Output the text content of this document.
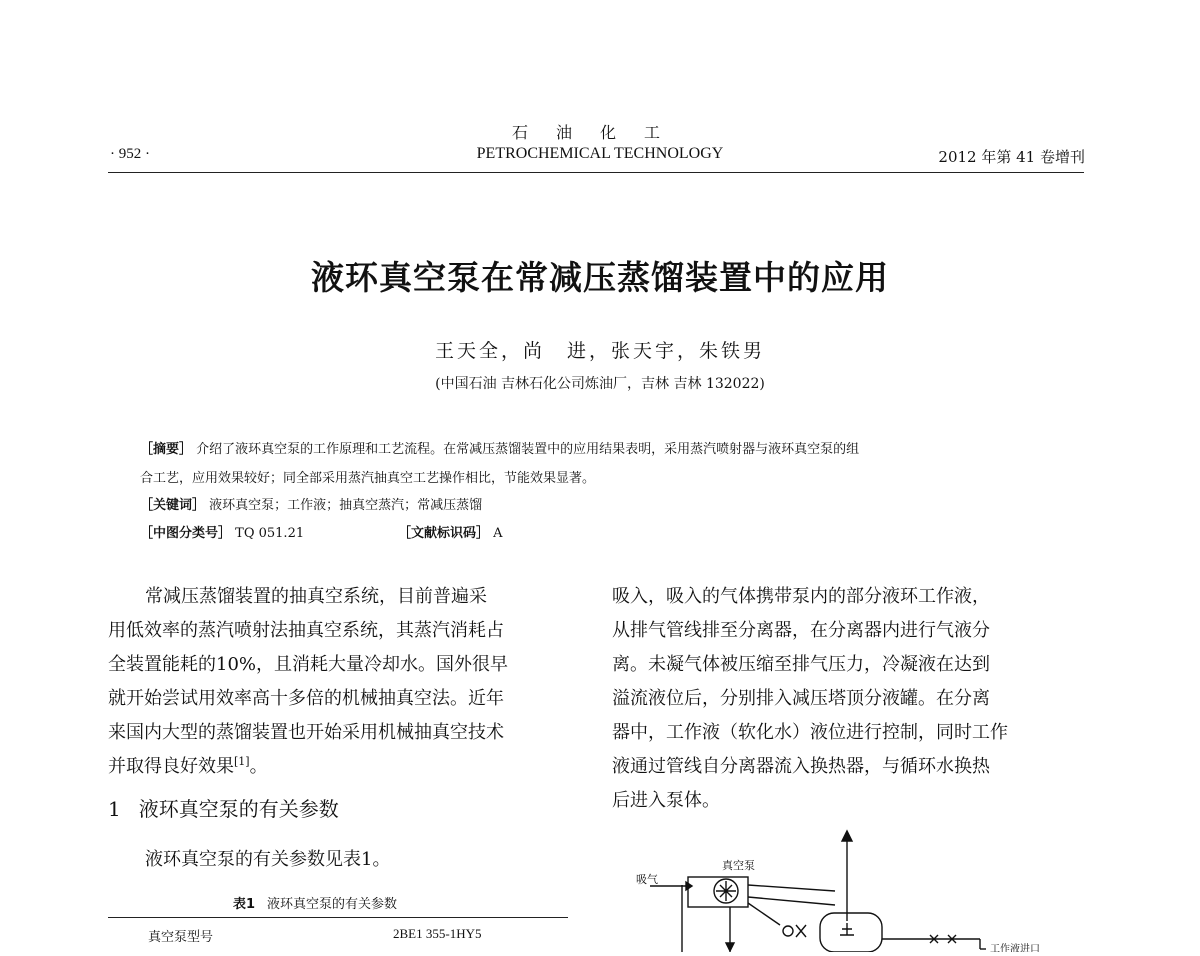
石油化工
PETROCHEMICAL TECHNOLOGY
· 952 ·	2012 年第 41 卷增刊
液环真空泵在常减压蒸馏装置中的应用
王天全，尚　进，张天宇，朱铁男
(中国石油 吉林石化公司炼油厂，吉林 吉林 132022)
［摘要］ 介绍了液环真空泵的工作原理和工艺流程。在常减压蒸馏装置中的应用结果表明，采用蒸汽喷射器与液环真空泵的组
合工艺，应用效果较好；同全部采用蒸汽抽真空工艺操作相比，节能效果显著。
［关键词］ 液环真空泵；工作液；抽真空蒸汽；常减压蒸馏
［中图分类号］ TQ 051.21	［文献标识码］ A
常减压蒸馏装置的抽真空系统，目前普遍采
用低效率的蒸汽喷射法抽真空系统，其蒸汽消耗占
全装置能耗的10%，且消耗大量冷却水。国外很早
就开始尝试用效率高十多倍的机械抽真空法。近年
来国内大型的蒸馏装置也开始采用机械抽真空技术
并取得良好效果[1]。
1 液环真空泵的有关参数
液环真空泵的有关参数见表1。
表1 液环真空泵的有关参数
真空泵型号	2BE1 355-1HY5
吸入，吸入的气体携带泵内的部分液环工作液，
从排气管线排至分离器，在分离器内进行气液分
离。未凝气体被压缩至排气压力，冷凝液在达到
溢流液位后，分别排入减压塔顶分液罐。在分离
器中，工作液（软化水）液位进行控制，同时工作
液通过管线自分离器流入换热器，与循环水换热
后进入泵体。
真空泵
吸气
工作液进口
